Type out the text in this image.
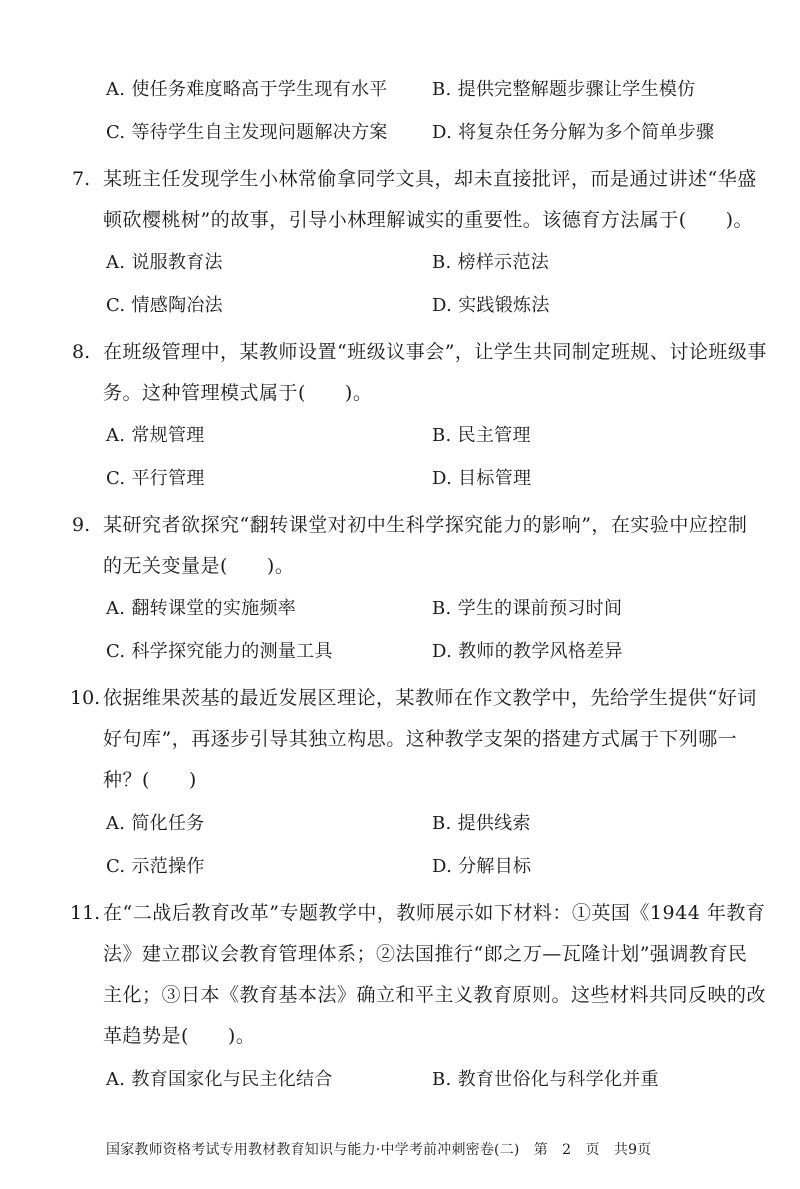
A. 使任务难度略高于学生现有水平 B. 提供完整解题步骤让学生模仿
C. 等待学生自主发现问题解决方案 D. 将复杂任务分解为多个简单步骤
7. 某班主任发现学生小林常偷拿同学文具，却未直接批评，而是通过讲述“华盛
顿砍樱桃树”的故事，引导小林理解诚实的重要性。该德育方法属于(　　)。
A. 说服教育法	B. 榜样示范法
C. 情感陶冶法	D. 实践锻炼法
8. 在班级管理中，某教师设置“班级议事会”，让学生共同制定班规、讨论班级事
务。这种管理模式属于(　　)。
A. 常规管理	B. 民主管理
C. 平行管理	D. 目标管理
9. 某研究者欲探究“翻转课堂对初中生科学探究能力的影响”，在实验中应控制
的无关变量是(　　)。
A. 翻转课堂的实施频率	B. 学生的课前预习时间
C. 科学探究能力的测量工具	D. 教师的教学风格差异
10. 依据维果茨基的最近发展区理论，某教师在作文教学中，先给学生提供“好词
好句库”，再逐步引导其独立构思。这种教学支架的搭建方式属于下列哪一
种？(　　)
A. 简化任务	B. 提供线索
C. 示范操作	D. 分解目标
11. 在“二战后教育改革”专题教学中，教师展示如下材料：①英国《1944 年教育
法》建立郡议会教育管理体系；②法国推行“郎之万—瓦隆计划”强调教育民
主化；③日本《教育基本法》确立和平主义教育原则。这些材料共同反映的改
革趋势是(　　)。
A. 教育国家化与民主化结合	B. 教育世俗化与科学化并重
国家教师资格考试专用教材教育知识与能力·中学考前冲刺密卷(二)　第　2　页　共9页
